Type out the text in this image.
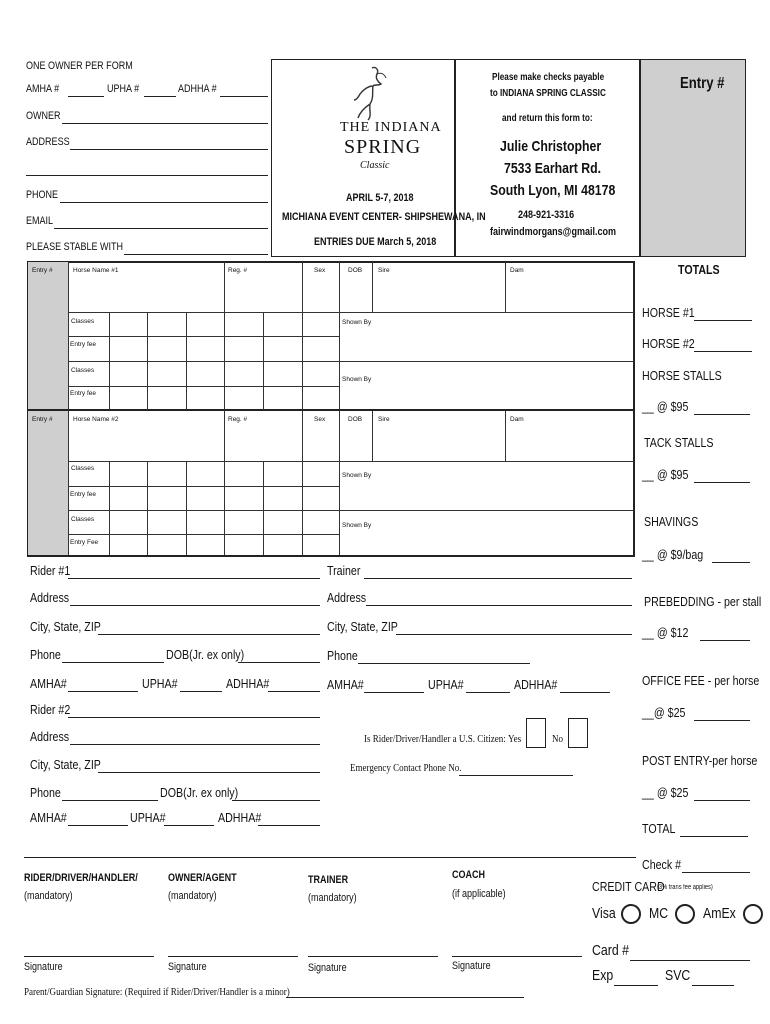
ONE OWNER PER FORM
AMHA #	UPHA #	ADHHA #
OWNER
ADDRESS
PHONE
EMAIL
PLEASE STABLE WITH
THE INDIANA
SPRING
Classic
APRIL 5-7, 2018
MICHIANA EVENT CENTER- SHIPSHEWANA, IN
ENTRIES DUE March 5, 2018
Please make checks payable
to INDIANA SPRING CLASSIC
and return this form to:
Julie Christopher
7533 Earhart Rd.
South Lyon, MI 48178
248-921-3316
fairwindmorgans@gmail.com
Entry #
Entry #
Entry #
Horse Name #1	Reg. #	Sex	DOB Sire	Dam
Classes
Entry fee
Classes
Entry fee
Shown By
Shown By
Horse Name #2	Reg. #	Sex	DOB Sire	Dam
Classes
Entry fee
Classes
Entry Fee
Shown By
Shown By
TOTALS
HORSE #1
HORSE #2
HORSE STALLS
__ @ $95
TACK STALLS
__ @ $95
SHAVINGS
__ @ $9/bag
PREBEDDING - per stall
__ @ $12
OFFICE FEE - per horse
__@ $25
POST ENTRY-per horse
__ @ $25
TOTAL
Check #
CREDIT CARD
(3% trans fee applies)
Visa MC AmEx
Card #
Exp	SVC
Rider #1
Address
City, State, ZIP
Phone	DOB(Jr. ex only)
AMHA#	UPHA#	ADHHA#
Rider #2
Address
City, State, ZIP
Phone	DOB(Jr. ex only)
AMHA#	UPHA#	ADHHA#
Trainer
Address
City, State, ZIP
Phone
AMHA#	UPHA#	ADHHA#
Is Rider/Driver/Handler a U.S. Citizen: Yes	No
Emergency Contact Phone No.
RIDER/DRIVER/HANDLER/
(mandatory)
OWNER/AGENT
(mandatory)
TRAINER
(mandatory)
COACH
(if applicable)
Signature	Signature	Signature	Signature
Parent/Guardian Signature: (Required if Rider/Driver/Handler is a minor)
